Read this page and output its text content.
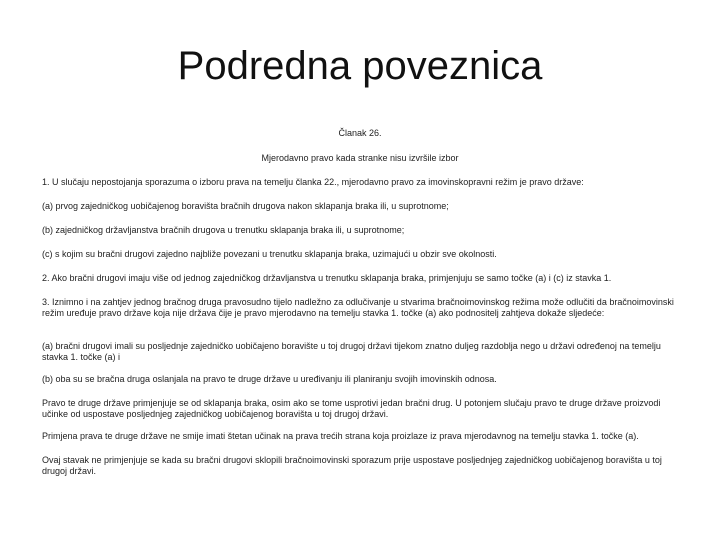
Podredna poveznica
Članak 26.
Mjerodavno pravo kada stranke nisu izvršile izbor
1. U slučaju nepostojanja sporazuma o izboru prava na temelju članka 22., mjerodavno pravo za imovinskopravni režim je pravo države:
(a) prvog zajedničkog uobičajenog boravišta bračnih drugova nakon sklapanja braka ili, u suprotnome;
(b) zajedničkog državljanstva bračnih drugova u trenutku sklapanja braka ili, u suprotnome;
(c) s kojim su bračni drugovi zajedno najbliže povezani u trenutku sklapanja braka, uzimajući u obzir sve okolnosti.
2. Ako bračni drugovi imaju više od jednog zajedničkog državljanstva u trenutku sklapanja braka, primjenjuju se samo točke (a) i (c) iz stavka 1.
3. Iznimno i na zahtjev jednog bračnog druga pravosudno tijelo nadležno za odlučivanje u stvarima bračnoimovinskog režima može odlučiti da bračnoimovinski režim uređuje pravo države koja nije država čije je pravo mjerodavno na temelju stavka 1. točke (a) ako podnositelj zahtjeva dokaže sljedeće:
(a) bračni drugovi imali su posljednje zajedničko uobičajeno boravište u toj drugoj državi tijekom znatno duljeg razdoblja nego u državi određenoj na temelju stavka 1. točke (a) i
(b) oba su se bračna druga oslanjala na pravo te druge države u uređivanju ili planiranju svojih imovinskih odnosa.
Pravo te druge države primjenjuje se od sklapanja braka, osim ako se tome usprotivi jedan bračni drug. U potonjem slučaju pravo te druge države proizvodi učinke od uspostave posljednjeg zajedničkog uobičajenog boravišta u toj drugoj državi.
Primjena prava te druge države ne smije imati štetan učinak na prava trećih strana koja proizlaze iz prava mjerodavnog na temelju stavka 1. točke (a).
Ovaj stavak ne primjenjuje se kada su bračni drugovi sklopili bračnoimovinski sporazum prije uspostave posljednjeg zajedničkog uobičajenog boravišta u toj drugoj državi.
